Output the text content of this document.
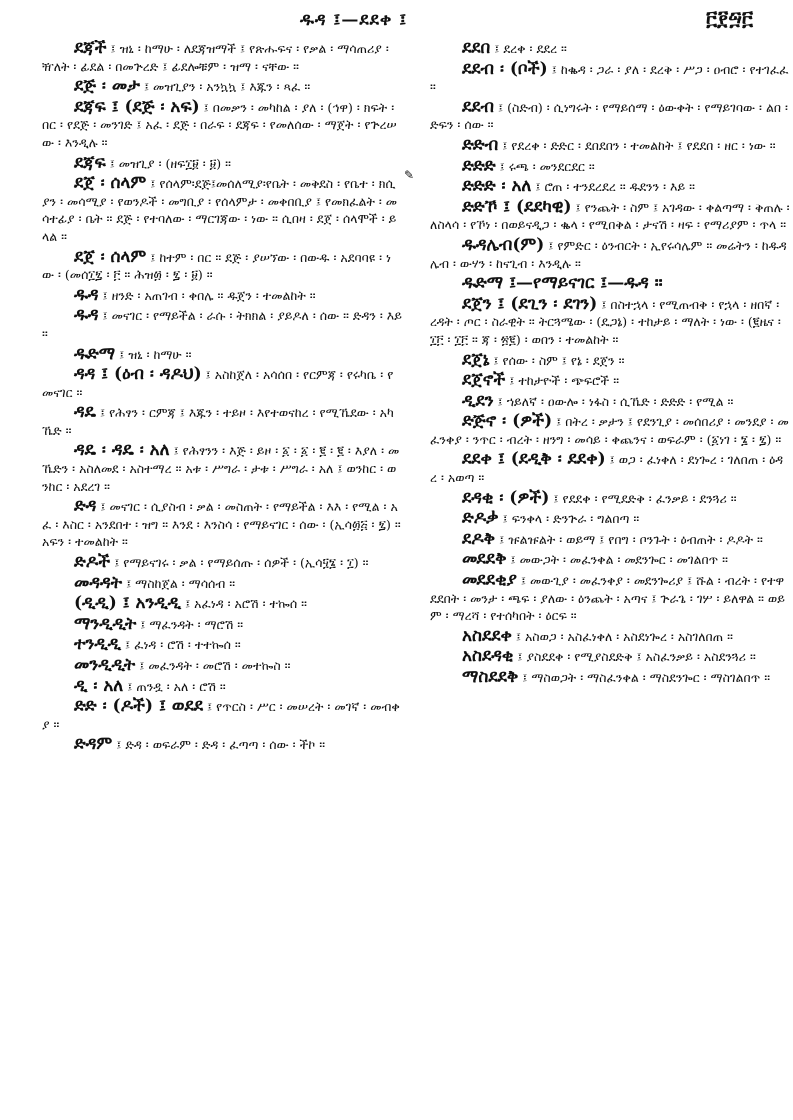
ዱዳ ፤—ደደቀ ፤	፫፻፵፫
✎

ደጃች ፤ ዝኒ ፡ ከማሁ ፡ ለደጃዝማች ፤ የጽሑፍና ፡ የቃል ፡ ማሳጠሪያ ፡ ዥለት ፡ ፊደል ፡ በመጕረድ ፤ ፊደሎቹም ፡ ዝማ ፡ ናቸው ።

ደጅ ፡ መታ ፤ መዝጊያን ፡ አንኳኳ ፤ እጁን ፡ ጻፈ ።

ደጃፍ ፤ (ደጅ ፡ አፍ) ፤ በመቃን ፡ መካከል ፡ ያለ ፡ (ኅዋ) ፡ ክፍት ፡ በር ፡ የደጅ ፡ መንገድ ፤ አፈ ፡ ደጅ ፡ በራፍ ፡ ደጃፍ ፡ የመለሰው ፡ ማጀት ፡ የጕረሠው ፡ እንዲሉ ።

ደጃፍ ፤ መዝጊያ ፡ (ዘፍ፲፱ ፡ ፱) ።

ደጀ ፡ ሰላም ፤ የሰላም፡ደጅ፤መሰለሚያ፡የቤት ፡ መቅደስ ፡ የቤተ ፡ ክሲያን ፡ መሳሚያ ፡ የወንዶች ፡ መግቢያ ፡ የሰላምታ ፡ መቀበቢያ ፤ የመክፈልት ፡ መሳተፊያ ፡ ቤት ። ደጅ ፡ የተባለው ፡ ማርገጃው ፡ ነው ። ሲበዛ ፡ ደጀ ፡ ሰላሞች ፡ ይላል ።

ደጀ ፡ ሰላም ፤ ከተም ፡ በር ። ደጅ ፡ ያሠኘው ፡ በውዱ ፡ አደባባዩ ፡ ነው ፡ (መሰ፲፯ ፡ ፫ ። ሕዝ፴ ፡ ፯ ፡ ፱) ።

ዱዳ ፤ ዘንድ ፡ አጠገብ ፡ ቀበሌ ። ዱጀን ፡ ተመልከት ።

ዱዳ ፤ መናገር ፡ የማይችል ፡ ራሱ ፡ ትክክል ፡ ያይዶለ ፡ ሰው ። ድዳን ፡ እይ ።

ዱድማ ፤ ዝኒ ፡ ከማሁ ።

ዳዳ ፤ (ዕብ ፡ ዳዶህ) ፤ አስከጀለ ፡ አሳሰበ ፡ የርምጃ ፡ የሩካቤ ፡ የመናገር ።

ዳዴ ፤ የሕፃን ፡ ርምጃ ፤ እጁን ፡ ተይዞ ፡ እየተወናከረ ፡ የሚኼደው ፡ አካኼድ ።

ዳዴ ፡ ዳዴ ፡ አለ ፤ የሕፃንን ፡ እጅ ፡ ይዞ ፡ ፩ ፡ ፩ ፡ ፪ ፡ ፪ ፡ እያለ ፡ መኼድን ፡ አስለመደ ፡ አስተማረ ። አቱ ፡ ሥግራ ፡ ታቱ ፡ ሥግራ ፡ አለ ፤ ወንከር ፡ ወንከር ፡ አደረገ ።

ድዳ ፤ መናገር ፡ ሲያስብ ፡ ቃል ፡ መስጠት ፡ የማይችል ፡ እእ ፡ የሚል ፡ አፈ ፡ እስር ፡ አንደበተ ፡ ዝግ ። እንደ ፡ እንስሳ ፡ የማይናገር ፡ ሰው ፡ (ኢሳ፴፭ ፡ ፯) ። አፍን ፡ ተመልከት ።

ድዶች ፤ የማይናገሩ ፡ ቃል ፡ የማይሰጡ ፡ ሰዎች ፡ (ኢሳ፶፮ ፡ ፲) ።

መዳዳት ፤ ማስከጀል ፡ ማሳሰብ ።

(ዲዲ) ፤ አንዲዲ ፤ አፈነዳ ፡ አሮሽ ፡ ተኰሰ ።

ማንዲዲት ፤ ማፈንዳት ፡ ማሮሽ ።

ተንዲዲ ፤ ፈነዳ ፡ ሮሽ ፡ ተተኰሰ ።

መንዲዲት ፤ መፈንዳት ፡ መሮሽ ፡ መተኰስ ።

ዲ ፡ አለ ፤ ጠንዷ ፡ አለ ፡ ሮሽ ።

ድድ ፡ (ዶች) ፤ ወደደ ፤ የጥርስ ፡ ሥር ፡ መሠረት ፡ መገኛ ፡ መብቀያ ።

ድዳም ፤ ድዳ ፡ ወፍራም ፡ ድዳ ፡ ፈጣጣ ፡ ሰው ፡ ችኮ ።

ደደበ ፤ ደረቀ ፡ ደደረ ።

ደደብ ፡ (ቦች) ፤ ከቈዳ ፡ ጋራ ፡ ያለ ፡ ደረቅ ፡ ሥጋ ፡ ዐብሮ ፡ የተገፈፈ ።

ደደብ ፤ (ስድብ) ፡ ሲነግሩት ፡ የማይሰማ ፡ ዕውቀት ፡ የማይገባው ፡ ልበ ፡ ድፍን ፡ ሰው ።

ድድብ ፤ የደረቀ ፡ ድድር ፡ ደበደበን ፡ ተመልከት ፤ የደደበ ፡ ዘር ፡ ነው ።

ድድድ ፤ ሩጫ ፡ መንደርደር ።

ድድድ ፡ አለ ፤ ሮጠ ፡ ተንደረደረ ። ዱደንን ፡ እይ ።

ድድኾ ፤ (ደደካዊ) ፤ የንጨት ፡ ስም ፤ አገዳው ፡ ቀልጣማ ፡ ቅጠሉ ፡ ለስላሳ ፡ የኾነ ፡ በወይናዲጋ ፡ ቈላ ፡ የሚበቅል ፡ ታናሽ ፡ ዛፍ ፡ የማሪያም ፡ ጥላ ።

ዱዳሌብ(ም) ፤ የምድር ፡ ዕንብርት ፡ ኢየሩሳሌም ። መሬትን ፡ ከዱዳሌብ ፡ ውሃን ፡ ከናጊብ ፡ እንዲሉ ።

ዱድማ ፤—የማይናገር ፤—ዱዳ ።

ደጀን ፤ (ደጊን ፡ ደገን) ፤ በስተኋላ ፡ የሚጠብቅ ፡ የኋላ ፡ ዘበኛ ፡ ረዳት ፡ ጦር ፡ ስራዊት ። ትርጓሜው ፡ (ዴጋኔ) ፡ ተከታይ ፡ ማለት ፡ ነው ፡ (፪ዜና ፡ ፲፫ ፡ ፲፫ ። ጃ ፡ ፳፪) ፡ ወበን ፡ ተመልከት ።

ደጀኔ ፤ የሰው ፡ ስም ፤ የኔ ፡ ደጀን ።

ደጀኖች ፤ ተከታዮች ፡ ጭፍሮች ።

ዲደን ፤ ኀይለኛ ፡ ዐውሎ ፡ ነፋስ ፡ ሲኼድ ፡ ድድድ ፡ የሚል ።

ድጅኖ ፡ (ዎች) ፤ በትረ ፡ ቃታን ፤ የደንጊያ ፡ መሰበሪያ ፡ መንደያ ፡ መፈንቀያ ፡ ንጥር ፡ ብረት ፡ ዘንግ ፡ መሳይ ፡ ቀጨንና ፡ ወፍራም ፡ (፩ነገ ፡ ፮ ፡ ፯) ።

ደደቀ ፤ (ደዲቅ ፡ ደደቀ) ፤ ወጋ ፡ ፈነቀለ ፡ ደነጐረ ፡ ገለበጠ ፡ ዕዳረ ፡ አወጣ ።

ደዳቂ ፡ (ዎች) ፤ የደደቀ ፡ የሚደድቅ ፡ ፈንቃይ ፡ ደንጓሪ ።

ድዶቃ ፤ ፍንቀላ ፡ ድንጕራ ፡ ግልበጣ ።

ደዶቅ ፤ ዡልዡልት ፡ ወይማ ፤ የበግ ፡ ቦንጉት ፡ ዕብጠት ፡ ዶዶት ።

መደደቅ ፤ መውጋት ፡ መፈንቀል ፡ መደንጐር ፡ መገልበጥ ።

መደደቂያ ፤ መውጊያ ፡ መፈንቀያ ፡ መደንጐሪያ ፤ ሹል ፡ ብረት ፡ የተዋደደበት ፡ መንታ ፡ ጫፍ ፡ ያለው ፡ ዕንጨት ፡ አጣና ፤ ጕራጌ ፡ ገሦ ፡ ይለዋል ። ወይም ፡ ማረሻ ፡ የተሰካበት ፡ ዕርፍ ።

አስደደቀ ፤ አስወጋ ፡ አስፈነቀለ ፡ አስደነጐረ ፡ አስገለበጠ ።

አስደዳቂ ፤ ያስደደቀ ፡ የሚያስደድቅ ፤ አስፈንቃይ ፡ አስደንጓሪ ።

ማስደደቅ ፤ ማስወጋት ፡ ማስፈንቀል ፡ ማስደንጐር ፡ ማስገልበጥ ።
